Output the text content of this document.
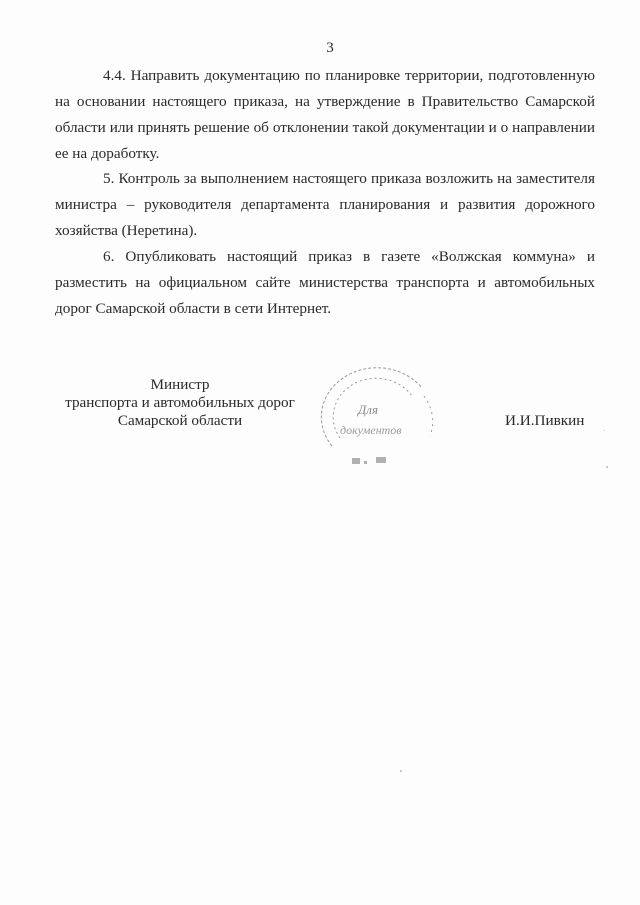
3

4.4. Направить документацию по планировке территории, подготовленную на основании настоящего приказа, на утверждение в Правительство Самарской области или принять решение об отклонении такой документации и о направлении ее на доработку.

5. Контроль за выполнением настоящего приказа возложить на заместителя министра – руководителя департамента планирования и развития дорожного хозяйства (Неретина).

6. Опубликовать настоящий приказ в газете «Волжская коммуна» и разместить на официальном сайте министерства транспорта и автомобильных дорог Самарской области в сети Интернет.

Министр
транспорта и автомобильных дорог
Самарской области
Для
документов
И.И.Пивкин
